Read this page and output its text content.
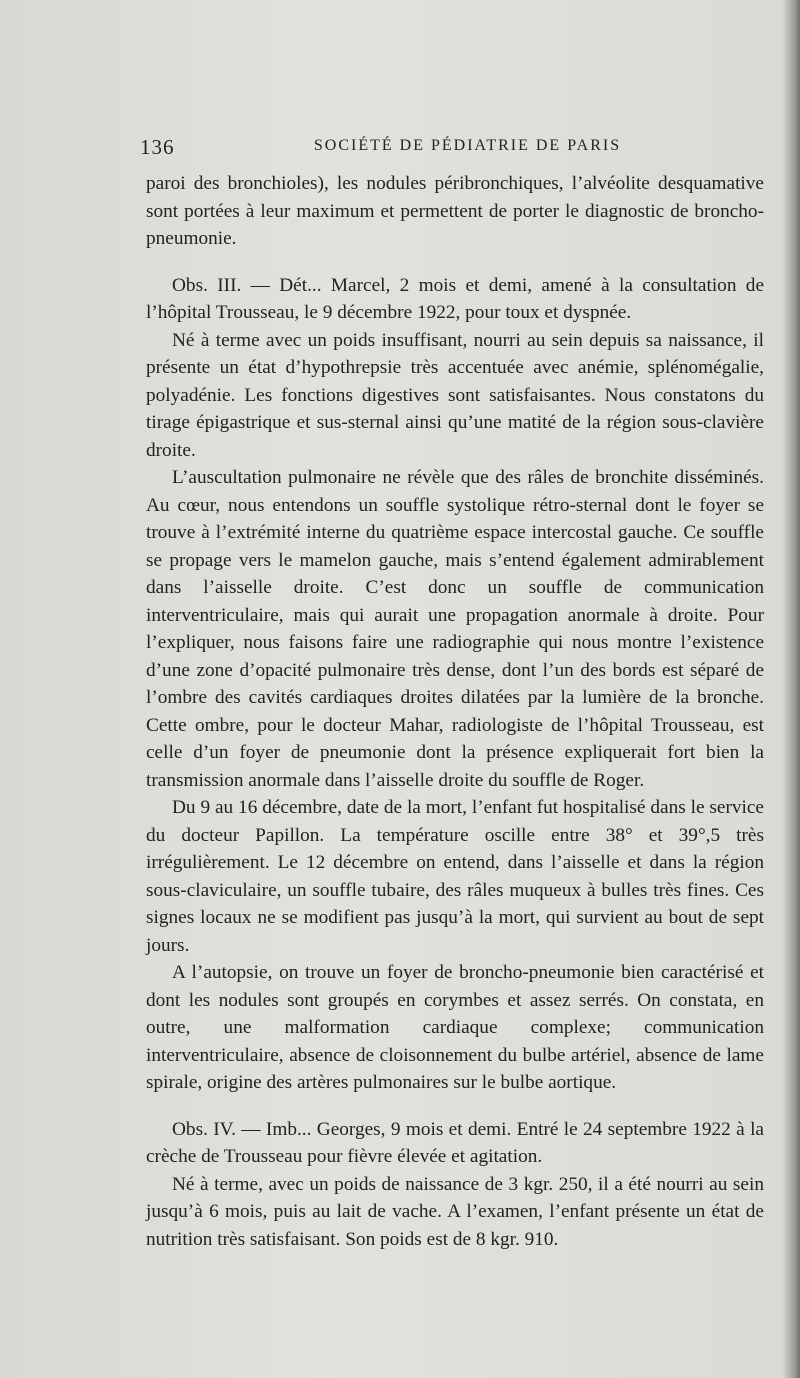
136	SOCIÉTÉ DE PÉDIATRIE DE PARIS

paroi des bronchioles), les nodules péribronchiques, l’alvéolite desquamative sont portées à leur maximum et permettent de porter le diagnostic de broncho-pneumonie.

Obs. III. — Dét... Marcel, 2 mois et demi, amené à la consultation de l’hôpital Trousseau, le 9 décembre 1922, pour toux et dyspnée.

Né à terme avec un poids insuffisant, nourri au sein depuis sa naissance, il présente un état d’hypothrepsie très accentuée avec anémie, splénomégalie, polyadénie. Les fonctions digestives sont satisfaisantes. Nous constatons du tirage épigastrique et sus-sternal ainsi qu’une matité de la région sous-clavière droite.

L’auscultation pulmonaire ne révèle que des râles de bronchite disséminés. Au cœur, nous entendons un souffle systolique rétro-sternal dont le foyer se trouve à l’extrémité interne du quatrième espace intercostal gauche. Ce souffle se propage vers le mamelon gauche, mais s’entend également admirablement dans l’aisselle droite. C’est donc un souffle de communication interventriculaire, mais qui aurait une propagation anormale à droite. Pour l’expliquer, nous faisons faire une radiographie qui nous montre l’existence d’une zone d’opacité pulmonaire très dense, dont l’un des bords est séparé de l’ombre des cavités cardiaques droites dilatées par la lumière de la bronche. Cette ombre, pour le docteur Mahar, radiologiste de l’hôpital Trousseau, est celle d’un foyer de pneumonie dont la présence expliquerait fort bien la transmission anormale dans l’aisselle droite du souffle de Roger.

Du 9 au 16 décembre, date de la mort, l’enfant fut hospitalisé dans le service du docteur Papillon. La température oscille entre 38° et 39°,5 très irrégulièrement. Le 12 décembre on entend, dans l’aisselle et dans la région sous-claviculaire, un souffle tubaire, des râles muqueux à bulles très fines. Ces signes locaux ne se modifient pas jusqu’à la mort, qui survient au bout de sept jours.

A l’autopsie, on trouve un foyer de broncho-pneumonie bien caractérisé et dont les nodules sont groupés en corymbes et assez serrés. On constata, en outre, une malformation cardiaque complexe; communication interventriculaire, absence de cloisonnement du bulbe artériel, absence de lame spirale, origine des artères pulmonaires sur le bulbe aortique.

Obs. IV. — Imb... Georges, 9 mois et demi. Entré le 24 septembre 1922 à la crèche de Trousseau pour fièvre élevée et agitation.

Né à terme, avec un poids de naissance de 3 kgr. 250, il a été nourri au sein jusqu’à 6 mois, puis au lait de vache. A l’examen, l’enfant présente un état de nutrition très satisfaisant. Son poids est de 8 kgr. 910.
